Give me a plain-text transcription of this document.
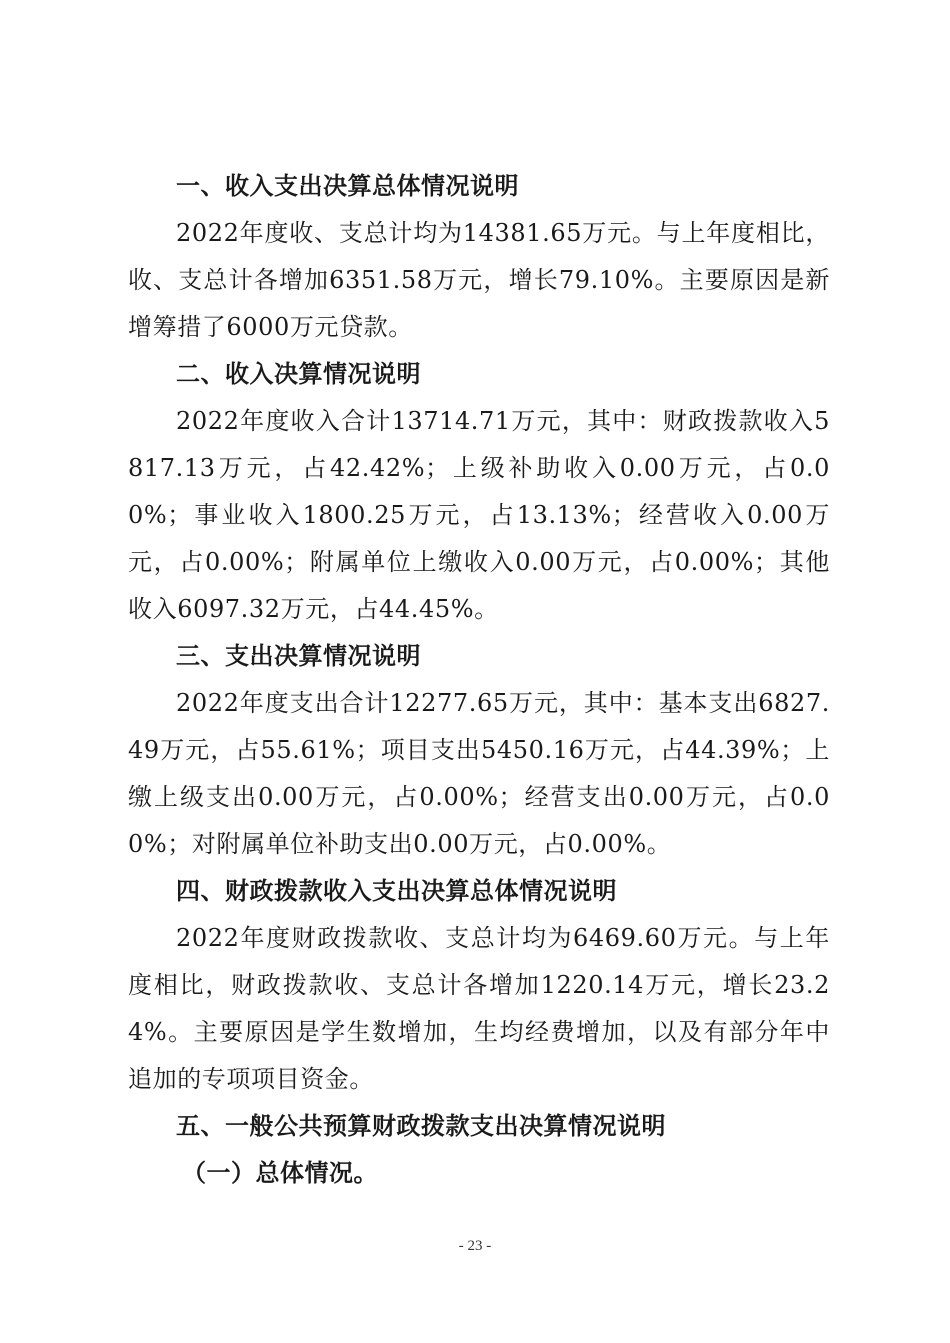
一、收入支出决算总体情况说明

2022年度收、支总计均为14381.65万元。与上年度相比，收、支总计各增加6351.58万元，增长79.10%。主要原因是新增筹措了6000万元贷款。

二、收入决算情况说明

2022年度收入合计13714.71万元，其中：财政拨款收入5817.13万元，占42.42%；上级补助收入0.00万元，占0.00%；事业收入1800.25万元，占13.13%；经营收入0.00万元，占0.00%；附属单位上缴收入0.00万元，占0.00%；其他收入6097.32万元，占44.45%。

三、支出决算情况说明

2022年度支出合计12277.65万元，其中：基本支出6827.49万元，占55.61%；项目支出5450.16万元，占44.39%；上缴上级支出0.00万元，占0.00%；经营支出0.00万元，占0.00%；对附属单位补助支出0.00万元，占0.00%。

四、财政拨款收入支出决算总体情况说明

2022年度财政拨款收、支总计均为6469.60万元。与上年度相比，财政拨款收、支总计各增加1220.14万元，增长23.24%。主要原因是学生数增加，生均经费增加，以及有部分年中追加的专项项目资金。

五、一般公共预算财政拨款支出决算情况说明
（一）总体情况。
- 23 -
